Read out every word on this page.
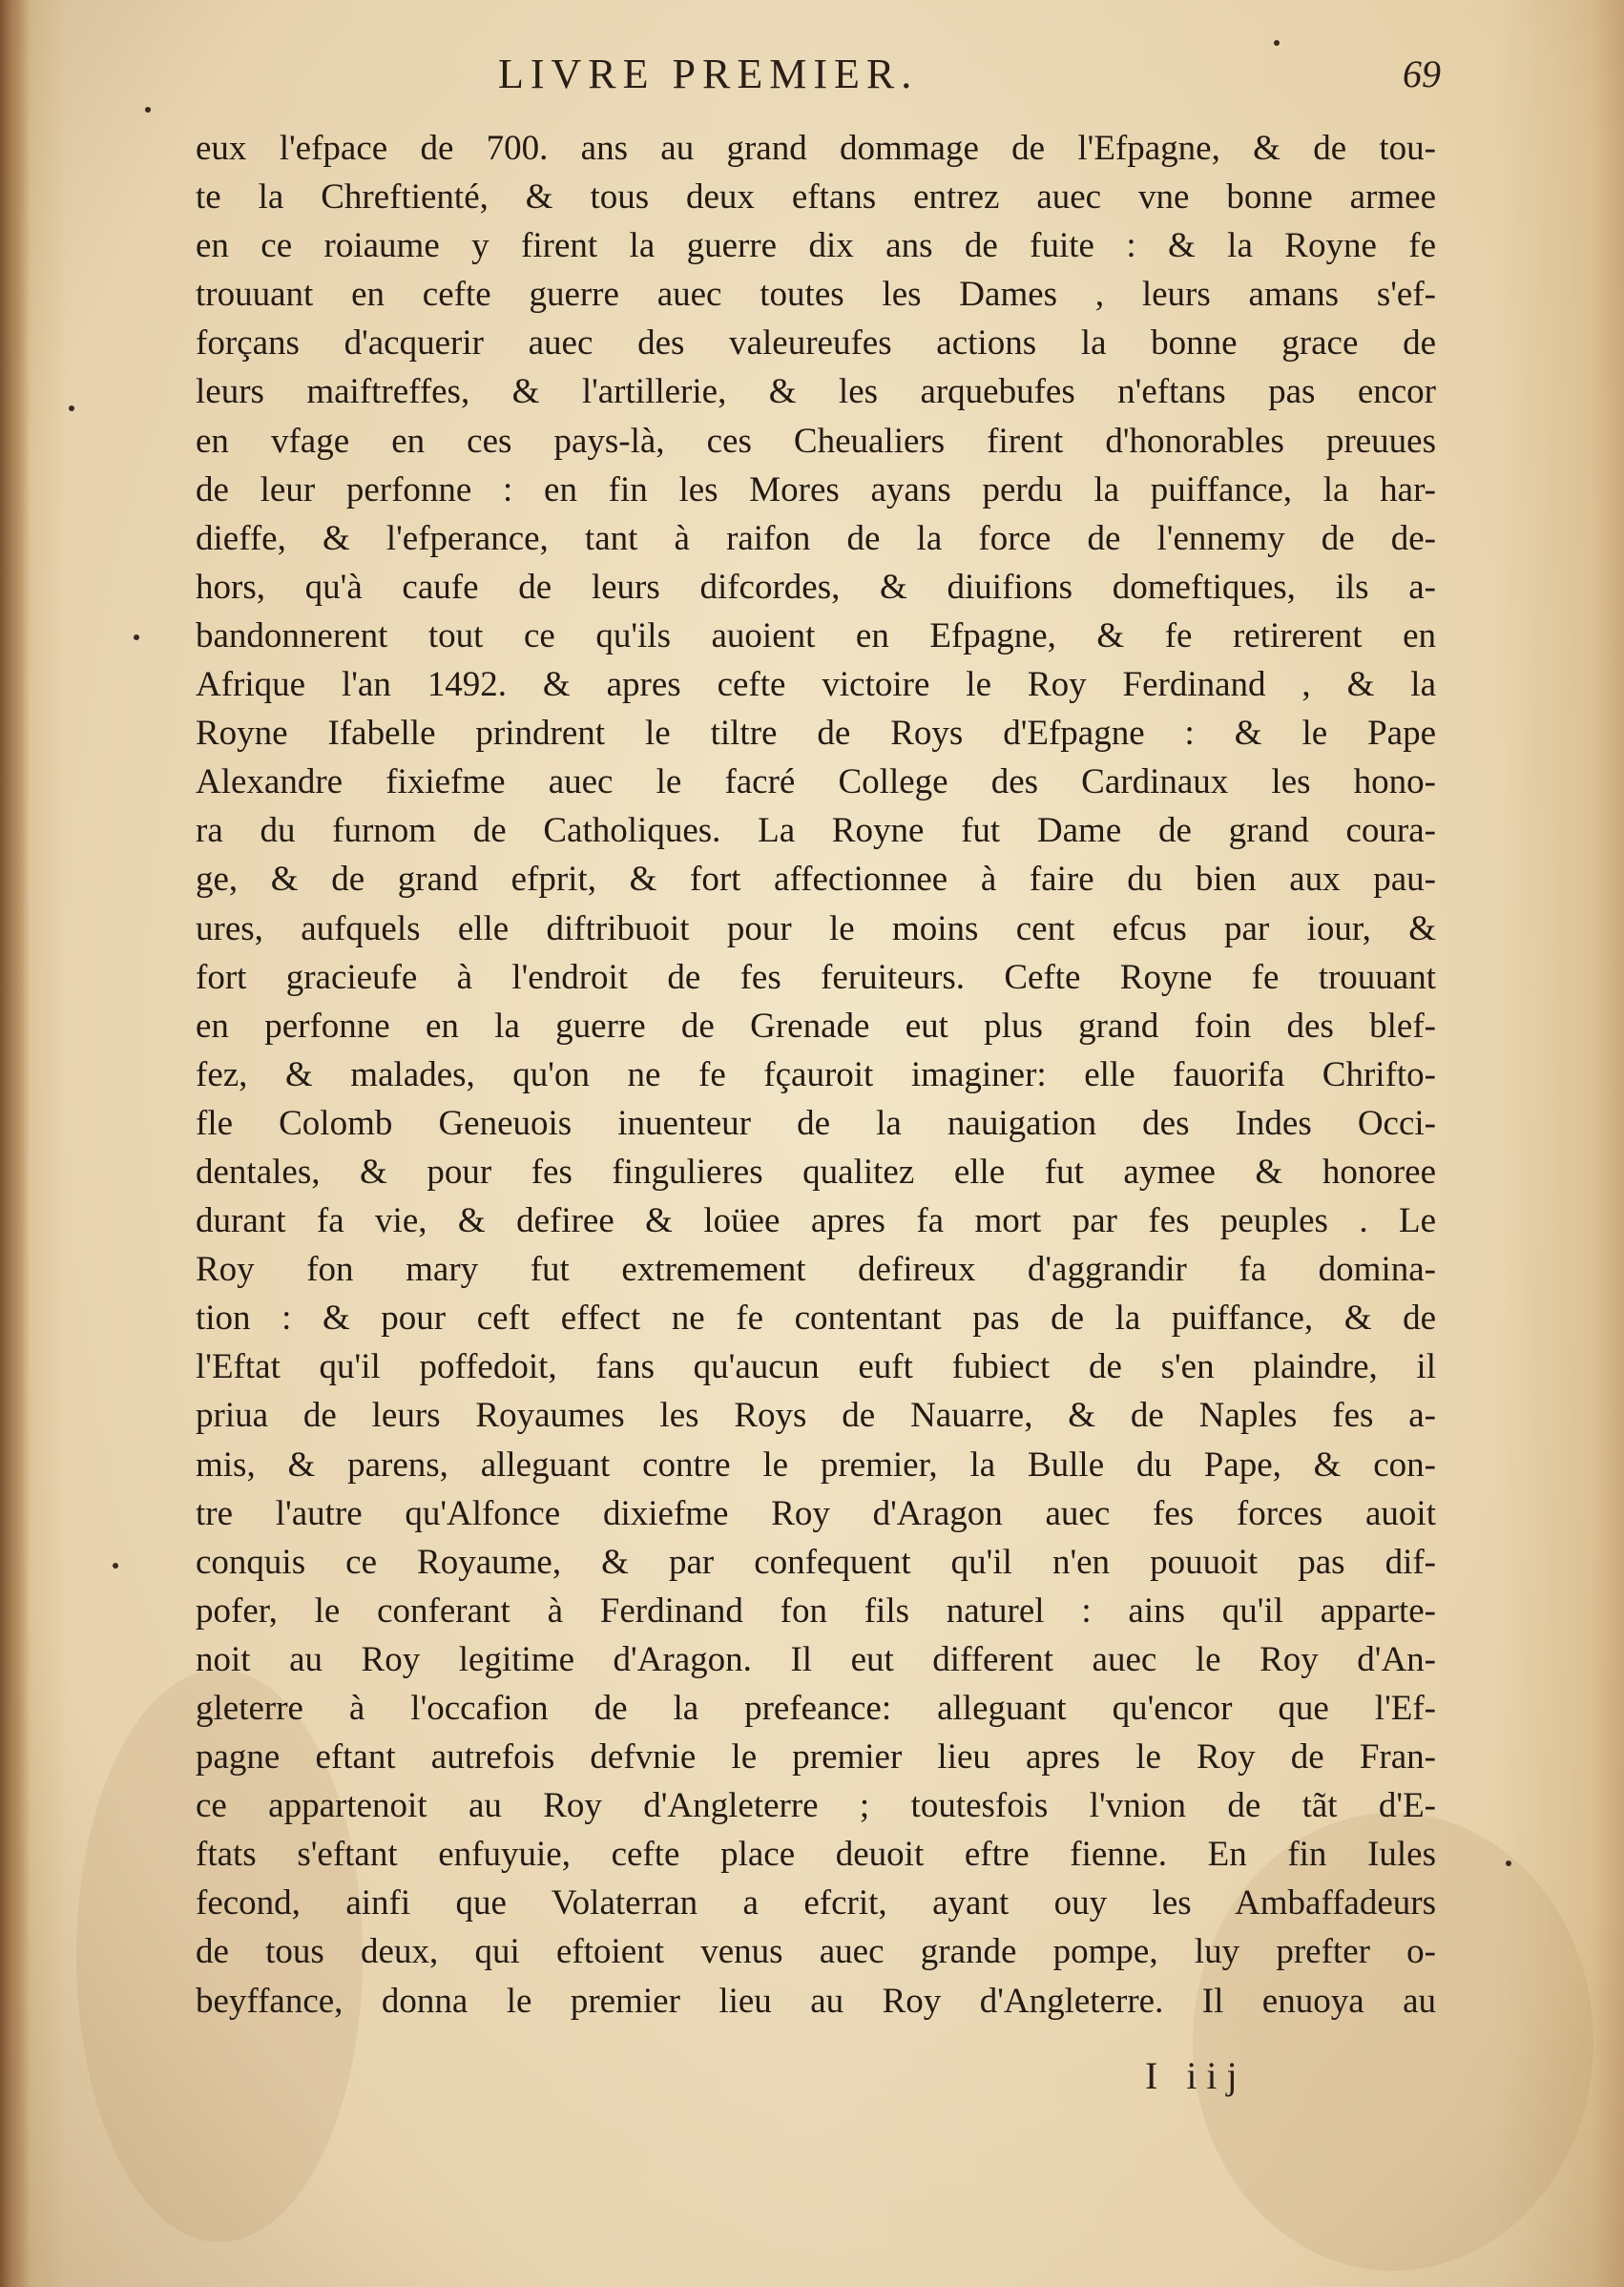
LIVRE PREMIER.	69
eux l'efpace de 700. ans au grand dommage de l'Efpagne, & de tou-
te la Chreftienté, & tous deux eftans entrez auec vne bonne armee
en ce roiaume y firent la guerre dix ans de fuite : & la Royne fe
trouuant en cefte guerre auec toutes les Dames , leurs amans s'ef-
forçans d'acquerir auec des valeureufes actions la bonne grace de
leurs maiftreffes, & l'artillerie, & les arquebufes n'eftans pas encor
en vfage en ces pays-là, ces Cheualiers firent d'honorables preuues
de leur perfonne : en fin les Mores ayans perdu la puiffance, la har-
dieffe, & l'efperance, tant à raifon de la force de l'ennemy de de-
hors, qu'à caufe de leurs difcordes, & diuifions domeftiques, ils a-
bandonnerent tout ce qu'ils auoient en Efpagne, & fe retirerent en
Afrique l'an 1492. & apres cefte victoire le Roy Ferdinand , & la
Royne Ifabelle prindrent le tiltre de Roys d'Efpagne : & le Pape
Alexandre fixiefme auec le facré College des Cardinaux les hono-
ra du furnom de Catholiques. La Royne fut Dame de grand coura-
ge, & de grand efprit, & fort affectionnee à faire du bien aux pau-
ures, aufquels elle diftribuoit pour le moins cent efcus par iour, &
fort gracieufe à l'endroit de fes feruiteurs. Cefte Royne fe trouuant
en perfonne en la guerre de Grenade eut plus grand foin des blef-
fez, & malades, qu'on ne fe fçauroit imaginer: elle fauorifa Chrifto-
fle Colomb Geneuois inuenteur de la nauigation des Indes Occi-
dentales, & pour fes fingulieres qualitez elle fut aymee & honoree
durant fa vie, & defiree & loüee apres fa mort par fes peuples . Le
Roy fon mary fut extremement defireux d'aggrandir fa domina-
tion : & pour ceft effect ne fe contentant pas de la puiffance, & de
l'Eftat qu'il poffedoit, fans qu'aucun euft fubiect de s'en plaindre, il
priua de leurs Royaumes les Roys de Nauarre, & de Naples fes a-
mis, & parens, alleguant contre le premier, la Bulle du Pape, & con-
tre l'autre qu'Alfonce dixiefme Roy d'Aragon auec fes forces auoit
conquis ce Royaume, & par confequent qu'il n'en pouuoit pas dif-
pofer, le conferant à Ferdinand fon fils naturel : ains qu'il apparte-
noit au Roy legitime d'Aragon. Il eut different auec le Roy d'An-
gleterre à l'occafion de la prefeance: alleguant qu'encor que l'Ef-
pagne eftant autrefois defvnie le premier lieu apres le Roy de Fran-
ce appartenoit au Roy d'Angleterre ; toutesfois l'vnion de tãt d'E-
ftats s'eftant enfuyuie, cefte place deuoit eftre fienne. En fin Iules
fecond, ainfi que Volaterran a efcrit, ayant ouy les Ambaffadeurs
de tous deux, qui eftoient venus auec grande pompe, luy prefter o-
beyffance, donna le premier lieu au Roy d'Angleterre. Il enuoya au
I iij
